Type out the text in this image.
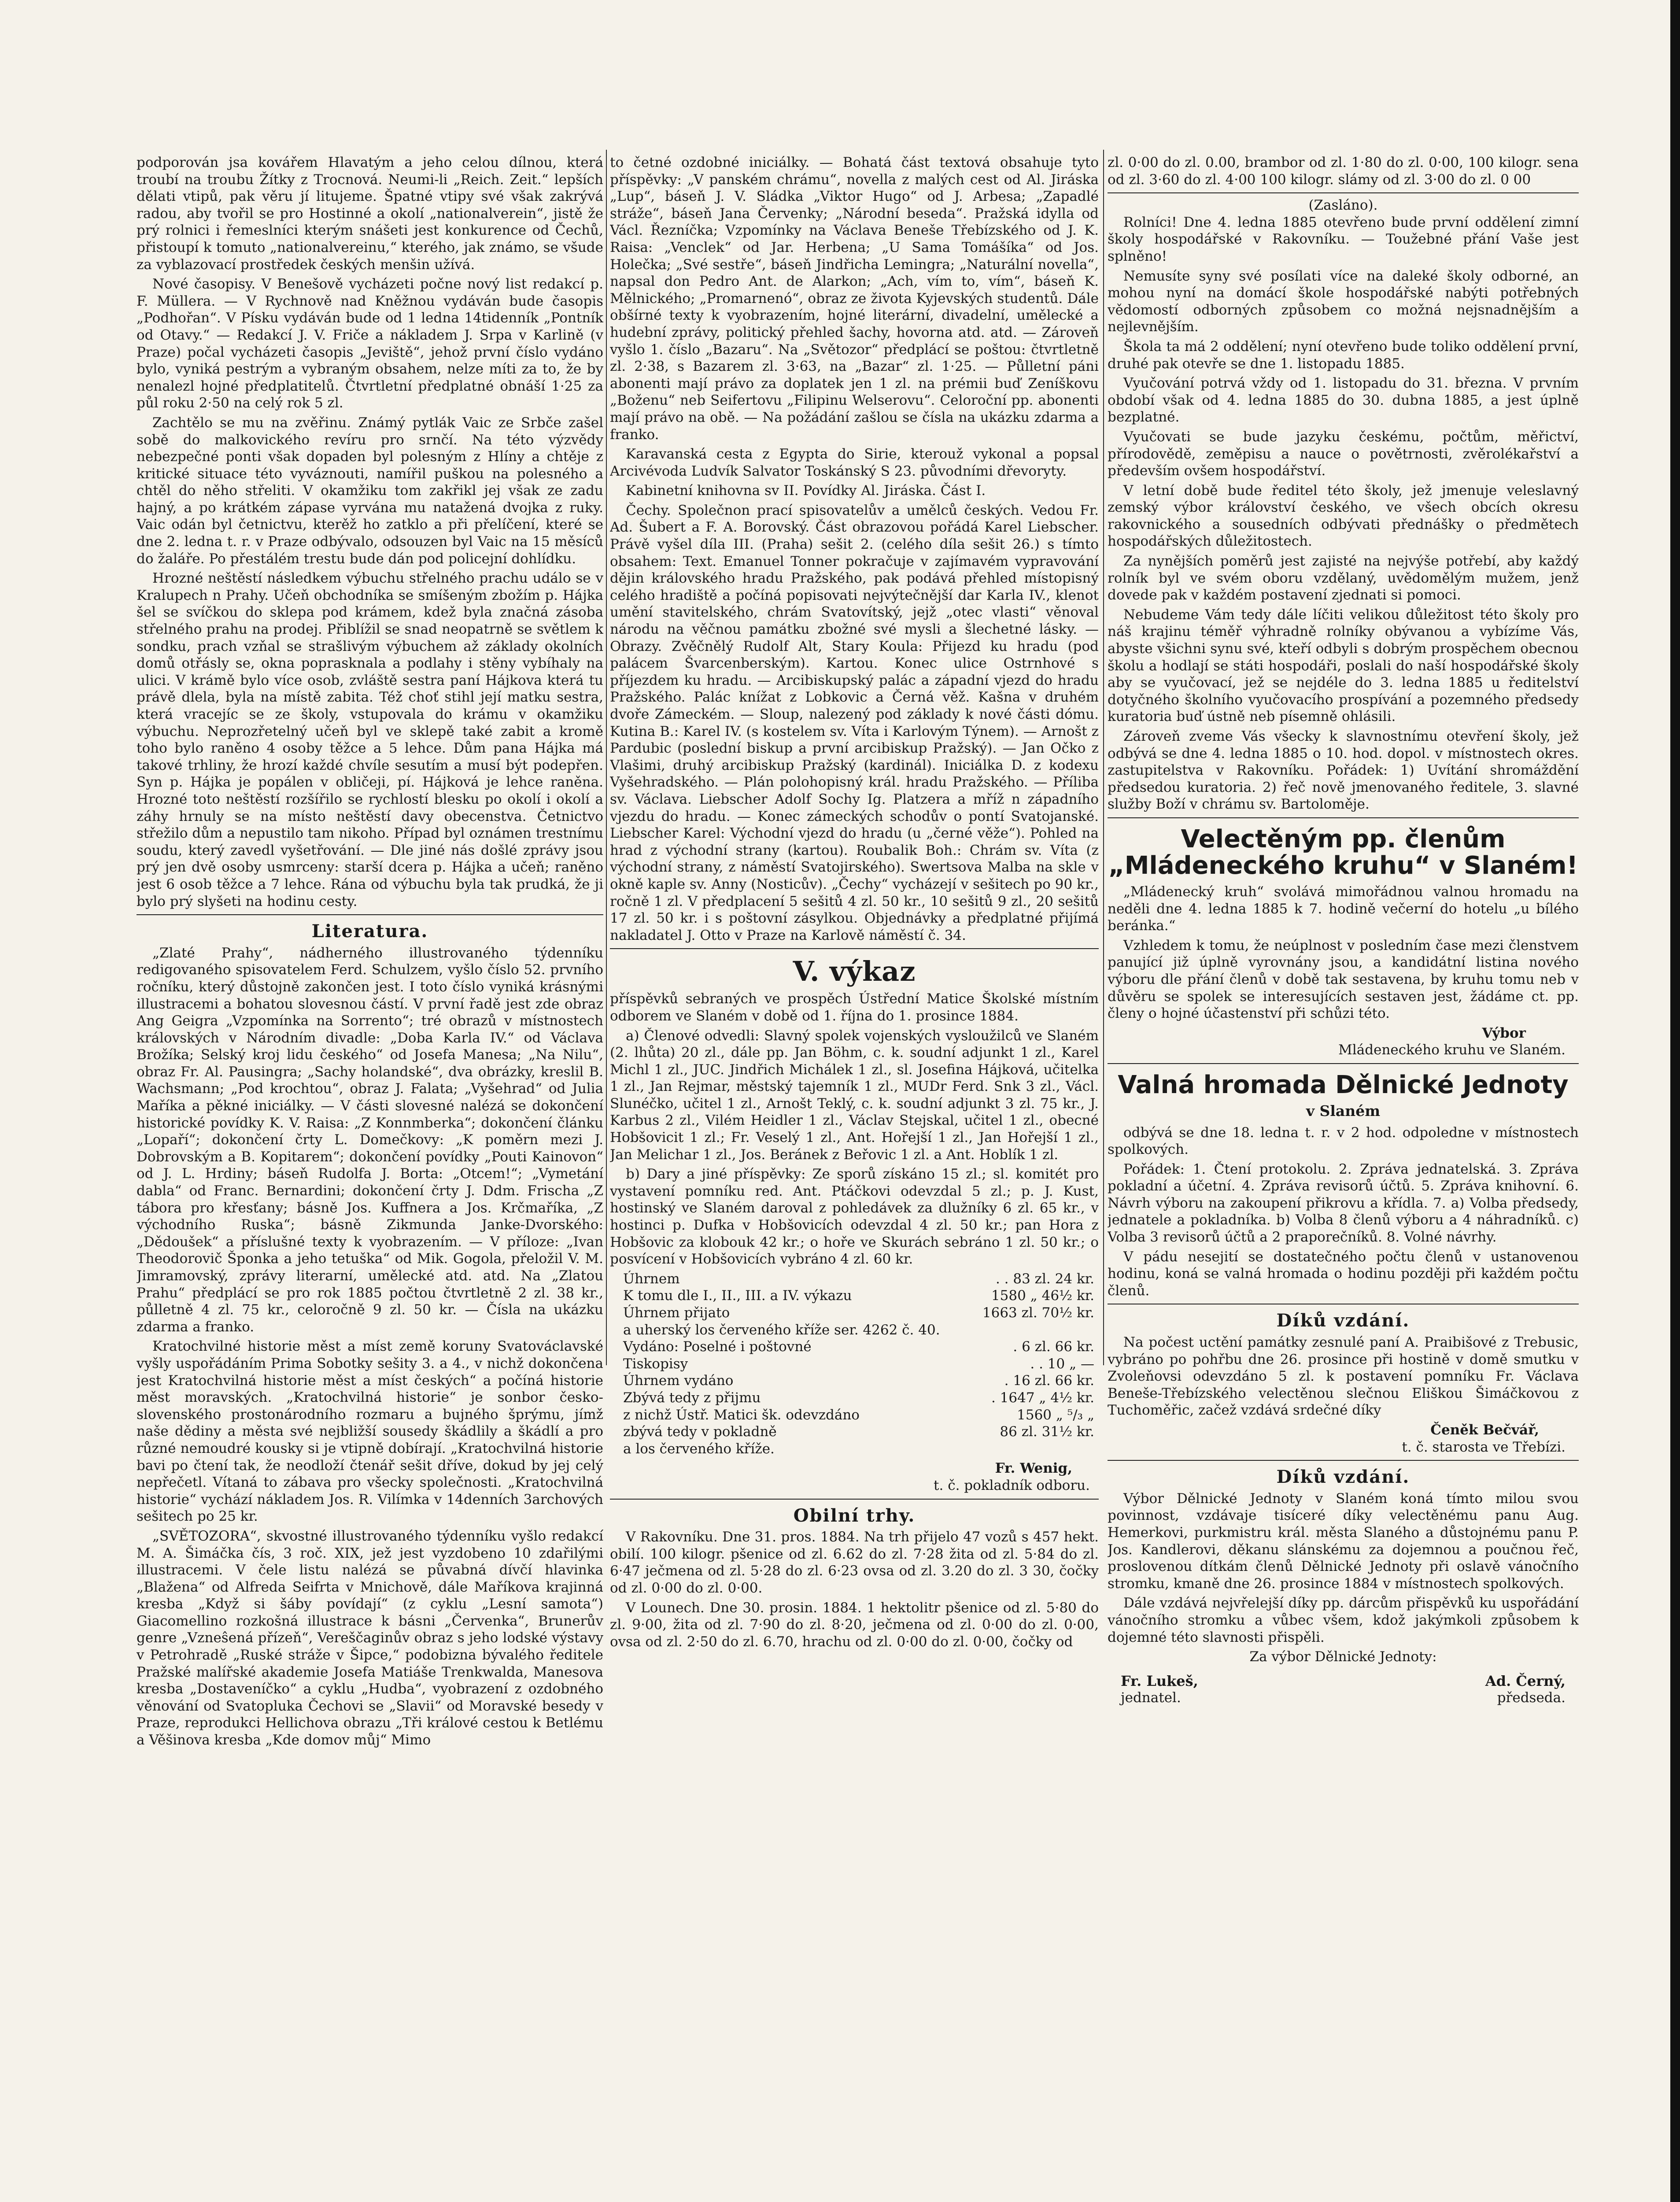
podporován jsa kovářem Hlavatým a jeho celou dílnou, která troubí na troubu Žítky z Trocnová. Neumi-li „Reich. Zeit.“ lepších dělati vtipů, pak věru jí litujeme. Špatné vtipy své však zakrývá radou, aby tvořil se pro Hostinné a okolí „nationalverein“, jistě že prý rolnici i řemeslníci kterým snášeti jest konkurence od Čechů, přistoupí k tomuto „nationalvereinu,“ kterého, jak známo, se všude za vyblazovací prostředek českých menšin užívá.

Nové časopisy. V Benešově vycházeti počne nový list redakcí p. F. Müllera. — V Rychnově nad Kněžnou vydáván bude časopis „Podhořan“. V Písku vydáván bude od 1 ledna 14tidenník „Pontník od Otavy.“ — Redakcí J. V. Friče a nákladem J. Srpa v Karlině (v Praze) počal vycházeti časopis „Jeviště“, jehož první číslo vydáno bylo, vyniká pestrým a vybraným obsahem, nelze míti za to, že by nenalezl hojné předplatitelů. Čtvrtletní předplatné obnáší 1·25 za půl roku 2·50 na celý rok 5 zl.

Zachtělo se mu na zvěřinu. Známý pytlák Vaic ze Srbče zašel sobě do malkovického revíru pro srnčí. Na této výzvědy nebezpečné ponti však dopaden byl polesným z Hlíny a chtěje z kritické situace této vyváznouti, namířil puškou na polesného a chtěl do něho střeliti. V okamžiku tom zakřikl jej však ze zadu hajný, a po krátkém zápase vyrvána mu natažená dvojka z ruky. Vaic odán byl četnictvu, kterěž ho zatklo a při přelíčení, které se dne 2. ledna t. r. v Praze odbývalo, odsouzen byl Vaic na 15 měsíců do žaláře. Po přestálém trestu bude dán pod policejní dohlídku.

Hrozné neštěstí následkem výbuchu střelného prachu událo se v Kralupech n Prahy. Učeň obchodníka se smíšeným zbožím p. Hájka šel se svíčkou do sklepa pod krámem, kdež byla značná zásoba střelného prahu na prodej. Přiblížil se snad neopatrně se světlem k sondku, prach vzňal se strašlivým výbuchem až základy okolních domů otřásly se, okna poprasknala a podlahy i stěny vybíhaly na ulici. V krámě bylo více osob, zvláště sestra paní Hájkova která tu právě dlela, byla na místě zabita. Též choť stihl její matku sestra, která vracejíc se ze školy, vstupovala do krámu v okamžiku výbuchu. Neprozřetelný učeň byl ve sklepě také zabit a kromě toho bylo raněno 4 osoby těžce a 5 lehce. Dům pana Hájka má takové trhliny, že hrozí každé chvíle sesutím a musí být podepřen. Syn p. Hájka je popálen v obličeji, pí. Hájková je lehce raněna. Hrozné toto neštěstí rozšířilo se rychlostí blesku po okolí i okolí a záhy hrnuly se na místo neštěstí davy obecenstva. Četnictvo střežilo dům a nepustilo tam nikoho. Případ byl oznámen trestnímu soudu, který zavedl vyšetřování. — Dle jiné nás došlé zprávy jsou prý jen dvě osoby usmrceny: starší dcera p. Hájka a učeň; raněno jest 6 osob těžce a 7 lehce. Rána od výbuchu byla tak prudká, že ji bylo prý slyšeti na hodinu cesty.

Literatura.

„Zlaté Prahy“, nádherného illustrovaného týdenníku redigovaného spisovatelem Ferd. Schulzem, vyšlo číslo 52. prvního ročníku, který důstojně zakončen jest. I toto číslo vyniká krásnými illustracemi a bohatou slovesnou částí. V první řadě jest zde obraz Ang Geigra „Vzpomínka na Sorrento“; tré obrazů v místnostech královských v Národním divadle: „Doba Karla IV.“ od Václava Brožíka; Selský kroj lidu českého“ od Josefa Manesa; „Na Nilu“, obraz Fr. Al. Pausingra; „Sachy holandské“, dva obrázky, kreslil B. Wachsmann; „Pod krochtou“, obraz J. Falata; „Vyšehrad“ od Julia Maříka a pěkné iniciálky. — V části slovesné nalézá se dokončení historické povídky K. V. Raisa: „Z Konnmberka“; dokončení článku „Lopaří“; dokončení črty L. Domečkovy: „K poměrn mezi J. Dobrovským a B. Kopitarem“; dokončení povídky „Pouti Kainovon“ od J. L. Hrdiny; báseň Rudolfa J. Borta: „Otcem!“; „Vymetání dabla“ od Franc. Bernardini; dokončení črty J. Ddm. Frischa „Z tábora pro křesťany; básně Jos. Kuffnera a Jos. Krčmaříka, „Z východního Ruska“; básně Zikmunda Janke-Dvorského: „Dědoušek“ a příslušné texty k vyobrazením. — V příloze: „Ivan Theodorovič Šponka a jeho tetuška“ od Mik. Gogola, přeložil V. M. Jimramovský, zprávy literarní, umělecké atd. atd. Na „Zlatou Prahu“ předplácí se pro rok 1885 počtou čtvrtletně 2 zl. 38 kr., půlletně 4 zl. 75 kr., celoročně 9 zl. 50 kr. — Čísla na ukázku zdarma a franko.

Kratochvilné historie měst a míst země koruny Svatováclavské vyšly uspořádáním Prima Sobotky sešity 3. a 4., v nichž dokončena jest Kratochvilná historie měst a míst českých“ a počíná historie měst moravských. „Kratochvilná historie“ je sonbor česko-slovenského prostonárodního rozmaru a bujného šprýmu, jímž naše dědiny a města své nejbližší sousedy škádlily a škádlí a pro různé nemoudré kousky si je vtipně dobírají. „Kratochvilná historie bavi po čtení tak, že neodloží čtenář sešit dříve, dokud by jej celý nepřečetl. Vítaná to zábava pro všecky společnosti. „Kratochvilná historie“ vychází nákladem Jos. R. Vilímka v 14denních 3archových sešitech po 25 kr.

„SVĚTOZORA“, skvostné illustrovaného týdenníku vyšlo redakcí M. A. Šimáčka čís, 3 roč. XIX, jež jest vyzdobeno 10 zdařilými illustracemi. V čele listu nalézá se půvabná dívčí hlavinka „Blažena“ od Alfreda Seifrta v Mnichově, dále Maříkova krajinná kresba „Když si šáby povídají“ (z cyklu „Lesní samota“) Giacomellino rozkošná illustrace k básni „Červenka“, Brunerův genre „Vzneŝená přízeň“, Vereščaginův obraz s jeho lodské výstavy v Petrohradě „Ruské stráže v Šipce,“ podobizna bývalého ředitele Pražské malířské akademie Josefa Matiáše Trenkwalda, Manesova kresba „Dostaveníčko“ a cyklu „Hudba“, vyobrazení z ozdobného věnování od Svatopluka Čechovi se „Slavii“ od Moravské besedy v Praze, reprodukci Hellichova obrazu „Tři králové cestou k Betlému a Věšinova kresba „Kde domov můj“ Mimo

to četné ozdobné iniciálky. — Bohatá část textová obsahuje tyto příspěvky: „V panském chrámu“, novella z malých cest od Al. Jiráska „Lup“, báseň J. V. Sládka „Viktor Hugo“ od J. Arbesa; „Zapadlé stráže“, báseň Jana Červenky; „Národní beseda“. Pražská idylla od Václ. Řezníčka; Vzpomínky na Václava Beneše Třebízského od J. K. Raisa: „Venclek“ od Jar. Herbena; „U Sama Tomášíka“ od Jos. Holečka; „Své sestře“, báseň Jindřicha Lemingra; „Naturální novella“, napsal don Pedro Ant. de Alarkon; „Ach, vím to, vím“, báseň K. Mělnického; „Promarnenó“, obraz ze života Kyjevských studentů. Dále obšírné texty k vyobrazením, hojné literární, divadelní, umělecké a hudební zprávy, politický přehled šachy, hovorna atd. atd. — Zároveň vyšlo 1. číslo „Bazaru“. Na „Světozor“ předplácí se poštou: čtvrtletně zl. 2·38, s Bazarem zl. 3·63, na „Bazar“ zl. 1·25. — Půlletní páni abonenti mají právo za doplatek jen 1 zl. na prémii buď Zeníškovu „Boženu“ neb Seifertovu „Filipinu Welserovu“. Celoroční pp. abonenti mají právo na obě. — Na požádání zašlou se čísla na ukázku zdarma a franko.

Karavanská cesta z Egypta do Sirie, kterouž vykonal a popsal Arcivévoda Ludvík Salvator Toskánský S 23. původními dřevoryty.

Kabinetní knihovna sv II. Povídky Al. Jiráska. Část I.

Čechy. Společnon prací spisovatelův a umělců českých. Vedou Fr. Ad. Šubert a F. A. Borovský. Část obrazovou pořádá Karel Liebscher. Právě vyšel díla III. (Praha) sešit 2. (celého díla sešit 26.) s tímto obsahem: Text. Emanuel Tonner pokračuje v zajímavém vypravování dějin královského hradu Pražského, pak podává přehled místopisný celého hradiště a počíná popisovati nejvýtečnější dar Karla IV., klenot umění stavitelského, chrám Svatovítský, jejž „otec vlasti“ věnoval národu na věčnou památku zbožné své mysli a šlechetné lásky. — Obrazy. Zvěčnělý Rudolf Alt, Stary Koula: Přijezd ku hradu (pod palácem Švarcenberským). Kartou. Konec ulice Ostrnhové s příjezdem ku hradu. — Arcibiskupský palác a západní vjezd do hradu Pražského. Palác knížat z Lobkovic a Černá věž. Kašna v druhém dvoře Zámeckém. — Sloup, nalezený pod základy k nové části dómu. Kutina B.: Karel IV. (s kostelem sv. Víta i Karlovým Týnem). — Arnošt z Pardubic (poslední biskup a první arcibiskup Pražský). — Jan Očko z Vlašimi, druhý arcibiskup Pražský (kardinál). Iniciálka D. z kodexu Vyšehradského. — Plán polohopisný král. hradu Pražského. — Příliba sv. Václava. Liebscher Adolf Sochy Ig. Platzera a mříž n západního vjezdu do hradu. — Konec zámeckých schodův o pontí Svatojanské. Liebscher Karel: Východní vjezd do hradu (u „černé věže“). Pohled na hrad z východní strany (kartou). Roubalik Boh.: Chrám sv. Víta (z východní strany, z náměstí Svatojirského). Swertsova Malba na skle v okně kaple sv. Anny (Nosticův). „Čechy“ vycházejí v sešitech po 90 kr., ročně 1 zl. V předplacení 5 sešitů 4 zl. 50 kr., 10 sešitů 9 zl., 20 sešitů 17 zl. 50 kr. i s poštovní zásylkou. Objednávky a předplatné přijímá nakladatel J. Otto v Praze na Karlově náměstí č. 34.

V. výkaz

příspěvků sebraných ve prospěch Ústřední Matice Školské místním odborem ve Slaném v době od 1. října do 1. prosince 1884.

a) Členové odvedli: Slavný spolek vojenských vysloužilců ve Slaném (2. lhůta) 20 zl., dále pp. Jan Böhm, c. k. soudní adjunkt 1 zl., Karel Michl 1 zl., JUC. Jindřich Michálek 1 zl., sl. Josefina Hájková, učitelka 1 zl., Jan Rejmar, městský tajemník 1 zl., MUDr Ferd. Snk 3 zl., Václ. Slunéčko, učitel 1 zl., Arnošt Teklý, c. k. soudní adjunkt 3 zl. 75 kr., J. Karbus 2 zl., Vilém Heidler 1 zl., Václav Stejskal, učitel 1 zl., obecné Hobšovicit 1 zl.; Fr. Veselý 1 zl., Ant. Hořejší 1 zl., Jan Hořejší 1 zl., Jan Melichar 1 zl., Jos. Beránek z Beřovic 1 zl. a Ant. Hoblík 1 zl.

b) Dary a jiné příspěvky: Ze sporů získáno 15 zl.; sl. komitét pro vystavení pomníku red. Ant. Ptáčkovi odevzdal 5 zl.; p. J. Kust, hostinský ve Slaném daroval z pohledávek za dlužníky 6 zl. 65 kr., v hostinci p. Dufka v Hobšovicích odevzdal 4 zl. 50 kr.; pan Hora z Hobšovic za klobouk 42 kr.; o hoře ve Skurách sebráno 1 zl. 50 kr.; o posvícení v Hobšovicích vybráno 4 zl. 60 kr.

Úhrnem	. . 83 zl. 24 kr.
K tomu dle I., II., III. a IV. výkazu	1580 „ 46½ kr.
Úhrnem přijato	1663 zl. 70½ kr.
a uherský los červeného kříže ser. 4262 č. 40.
Vydáno: Poselné i poštovné	. 6 zl. 66 kr.
Tiskopisy	. . 10 „ —
Úhrnem vydáno	. 16 zl. 66 kr.
Zbývá tedy z přijmu	. 1647 „ 4½ kr.
z nichž Ústř. Matici šk. odevzdáno	1560 „ ⁵/₃ „
zbývá tedy v pokladně	86 zl. 31½ kr.
a los červeného kříže.
Fr. Wenig,
t. č. pokladník odboru.
Obilní trhy.

V Rakovníku. Dne 31. pros. 1884. Na trh přijelo 47 vozů s 457 hekt. obilí. 100 kilogr. pšenice od zl. 6.62 do zl. 7·28 žita od zl. 5·84 do zl. 6·47 ječmena od zl. 5·28 do zl. 6·23 ovsa od zl. 3.20 do zl. 3 30, čočky od zl. 0·00 do zl. 0·00.

V Lounech. Dne 30. prosin. 1884. 1 hektolitr pšenice od zl. 5·80 do zl. 9·00, žita od zl. 7·90 do zl. 8·20, ječmena od zl. 0·00 do zl. 0·00, ovsa od zl. 2·50 do zl. 6.70, hrachu od zl. 0·00 do zl. 0·00, čočky od

zl. 0·00 do zl. 0.00, brambor od zl. 1·80 do zl. 0·00, 100 kilogr. sena od zl. 3·60 do zl. 4·00 100 kilogr. slámy od zl. 3·00 do zl. 0 00

(Zasláno).

Rolníci! Dne 4. ledna 1885 otevřeno bude první oddělení zimní školy hospodářské v Rakovníku. — Toužebné přání Vaše jest splněno!

Nemusíte syny své posílati více na daleké školy odborné, an mohou nyní na domácí škole hospodářské nabýti potřebných vědomostí odborných způsobem co možná nejsnadnějším a nejlevnějším.

Škola ta má 2 oddělení; nyní otevřeno bude toliko oddělení první, druhé pak otevře se dne 1. listopadu 1885.

Vyučování potrvá vždy od 1. listopadu do 31. března. V prvním období však od 4. ledna 1885 do 30. dubna 1885, a jest úplně bezplatné.

Vyučovati se bude jazyku českému, počtům, měřictví, přírodovědě, zeměpisu a nauce o povětrnosti, zvěrolékařství a především ovšem hospodářství.

V letní době bude ředitel této školy, jež jmenuje veleslavný zemský výbor království českého, ve všech obcích okresu rakovnického a sousedních odbývati přednášky o předmětech hospodářských důležitostech.

Za nynějších poměrů jest zajisté na nejvýše potřebí, aby každý rolník byl ve svém oboru vzdělaný, uvědomělým mužem, jenž dovede pak v každém postavení zjednati si pomoci.

Nebudeme Vám tedy dále líčiti velikou důležitost této školy pro náš krajinu téměř výhradně rolníky obývanou a vybízíme Vás, abyste všichni synu své, kteří odbyli s dobrým prospěchem obecnou školu a hodlají se státi hospodáři, poslali do naší hospodářské školy aby se vyučovací, jež se nejdéle do 3. ledna 1885 u ředitelství dotyčného školního vyučovacího prospívání a pozemného předsedy kuratoria buď ústně neb písemně ohlásili.

Zároveň zveme Vás všecky k slavnostnímu otevření školy, jež odbývá se dne 4. ledna 1885 o 10. hod. dopol. v místnostech okres. zastupitelstva v Rakovníku. Pořádek: 1) Uvítání shromáždění předsedou kuratoria. 2) řeč nově jmenovaného ředitele, 3. slavné služby Boží v chrámu sv. Bartoloměje.

Velectěným pp. členům „Mládeneckého kruhu“ v Slaném!

„Mládenecký kruh“ svolává mimořádnou valnou hromadu na neděli dne 4. ledna 1885 k 7. hodině večerní do hotelu „u bílého beránka.“

Vzhledem k tomu, že neúplnost v posledním čase mezi členstvem panující již úplně vyrovnány jsou, a kandidátní listina nového výboru dle přání členů v době tak sestavena, by kruhu tomu neb v důvěru se spolek se interesujících sestaven jest, žádáme ct. pp. členy o hojné účastenství při schůzi této.

Výbor
Mládeneckého kruhu ve Slaném.
Valná hromada Dělnické Jednoty
v Slaném

odbývá se dne 18. ledna t. r. v 2 hod. odpoledne v místnostech spolkových.

Pořádek: 1. Čtení protokolu. 2. Zpráva jednatelská. 3. Zpráva pokladní a účetní. 4. Zpráva revisorů účtů. 5. Zpráva knihovní. 6. Návrh výboru na zakoupení přikrovu a křídla. 7. a) Volba předsedy, jednatele a pokladníka. b) Volba 8 členů výboru a 4 náhradníků. c) Volba 3 revisorů účtů a 2 praporečníků. 8. Volné návrhy.

V pádu nesejití se dostatečného počtu členů v ustanovenou hodinu, koná se valná hromada o hodinu později při každém počtu členů.

Díků vzdání.

Na počest uctění památky zesnulé paní A. Praibišové z Trebusic, vybráno po pohřbu dne 26. prosince při hostině v domě smutku v Zvoleňovsi odevzdáno 5 zl. k postavení pomníku Fr. Václava Beneše-Třebízského velectěnou slečnou Eliškou Šimáčkovou z Tuchoměřic, začež vzdává srdečné díky

Čeněk Bečvář,
t. č. starosta ve Třebízi.
Díků vzdání.

Výbor Dělnické Jednoty v Slaném koná tímto milou svou povinnost, vzdávaje tisíceré díky velectěnému panu Aug. Hemerkovi, purkmistru král. města Slaného a důstojnému panu P. Jos. Kandlerovi, děkanu slánskému za dojemnou a poučnou řeč, proslovenou dítkám členů Dělnické Jednoty při oslavě vánočního stromku, kmaně dne 26. prosince 1884 v místnostech spolkových.

Dále vzdává nejvřelejší díky pp. dárcům přispěvků ku uspořádání vánočního stromku a vůbec všem, kdož jakýmkoli způsobem k dojemné této slavnosti přispěli.

Za výbor Dělnické Jednoty:
Fr. Lukeš,	Ad. Černý,
jednatel.	předseda.
